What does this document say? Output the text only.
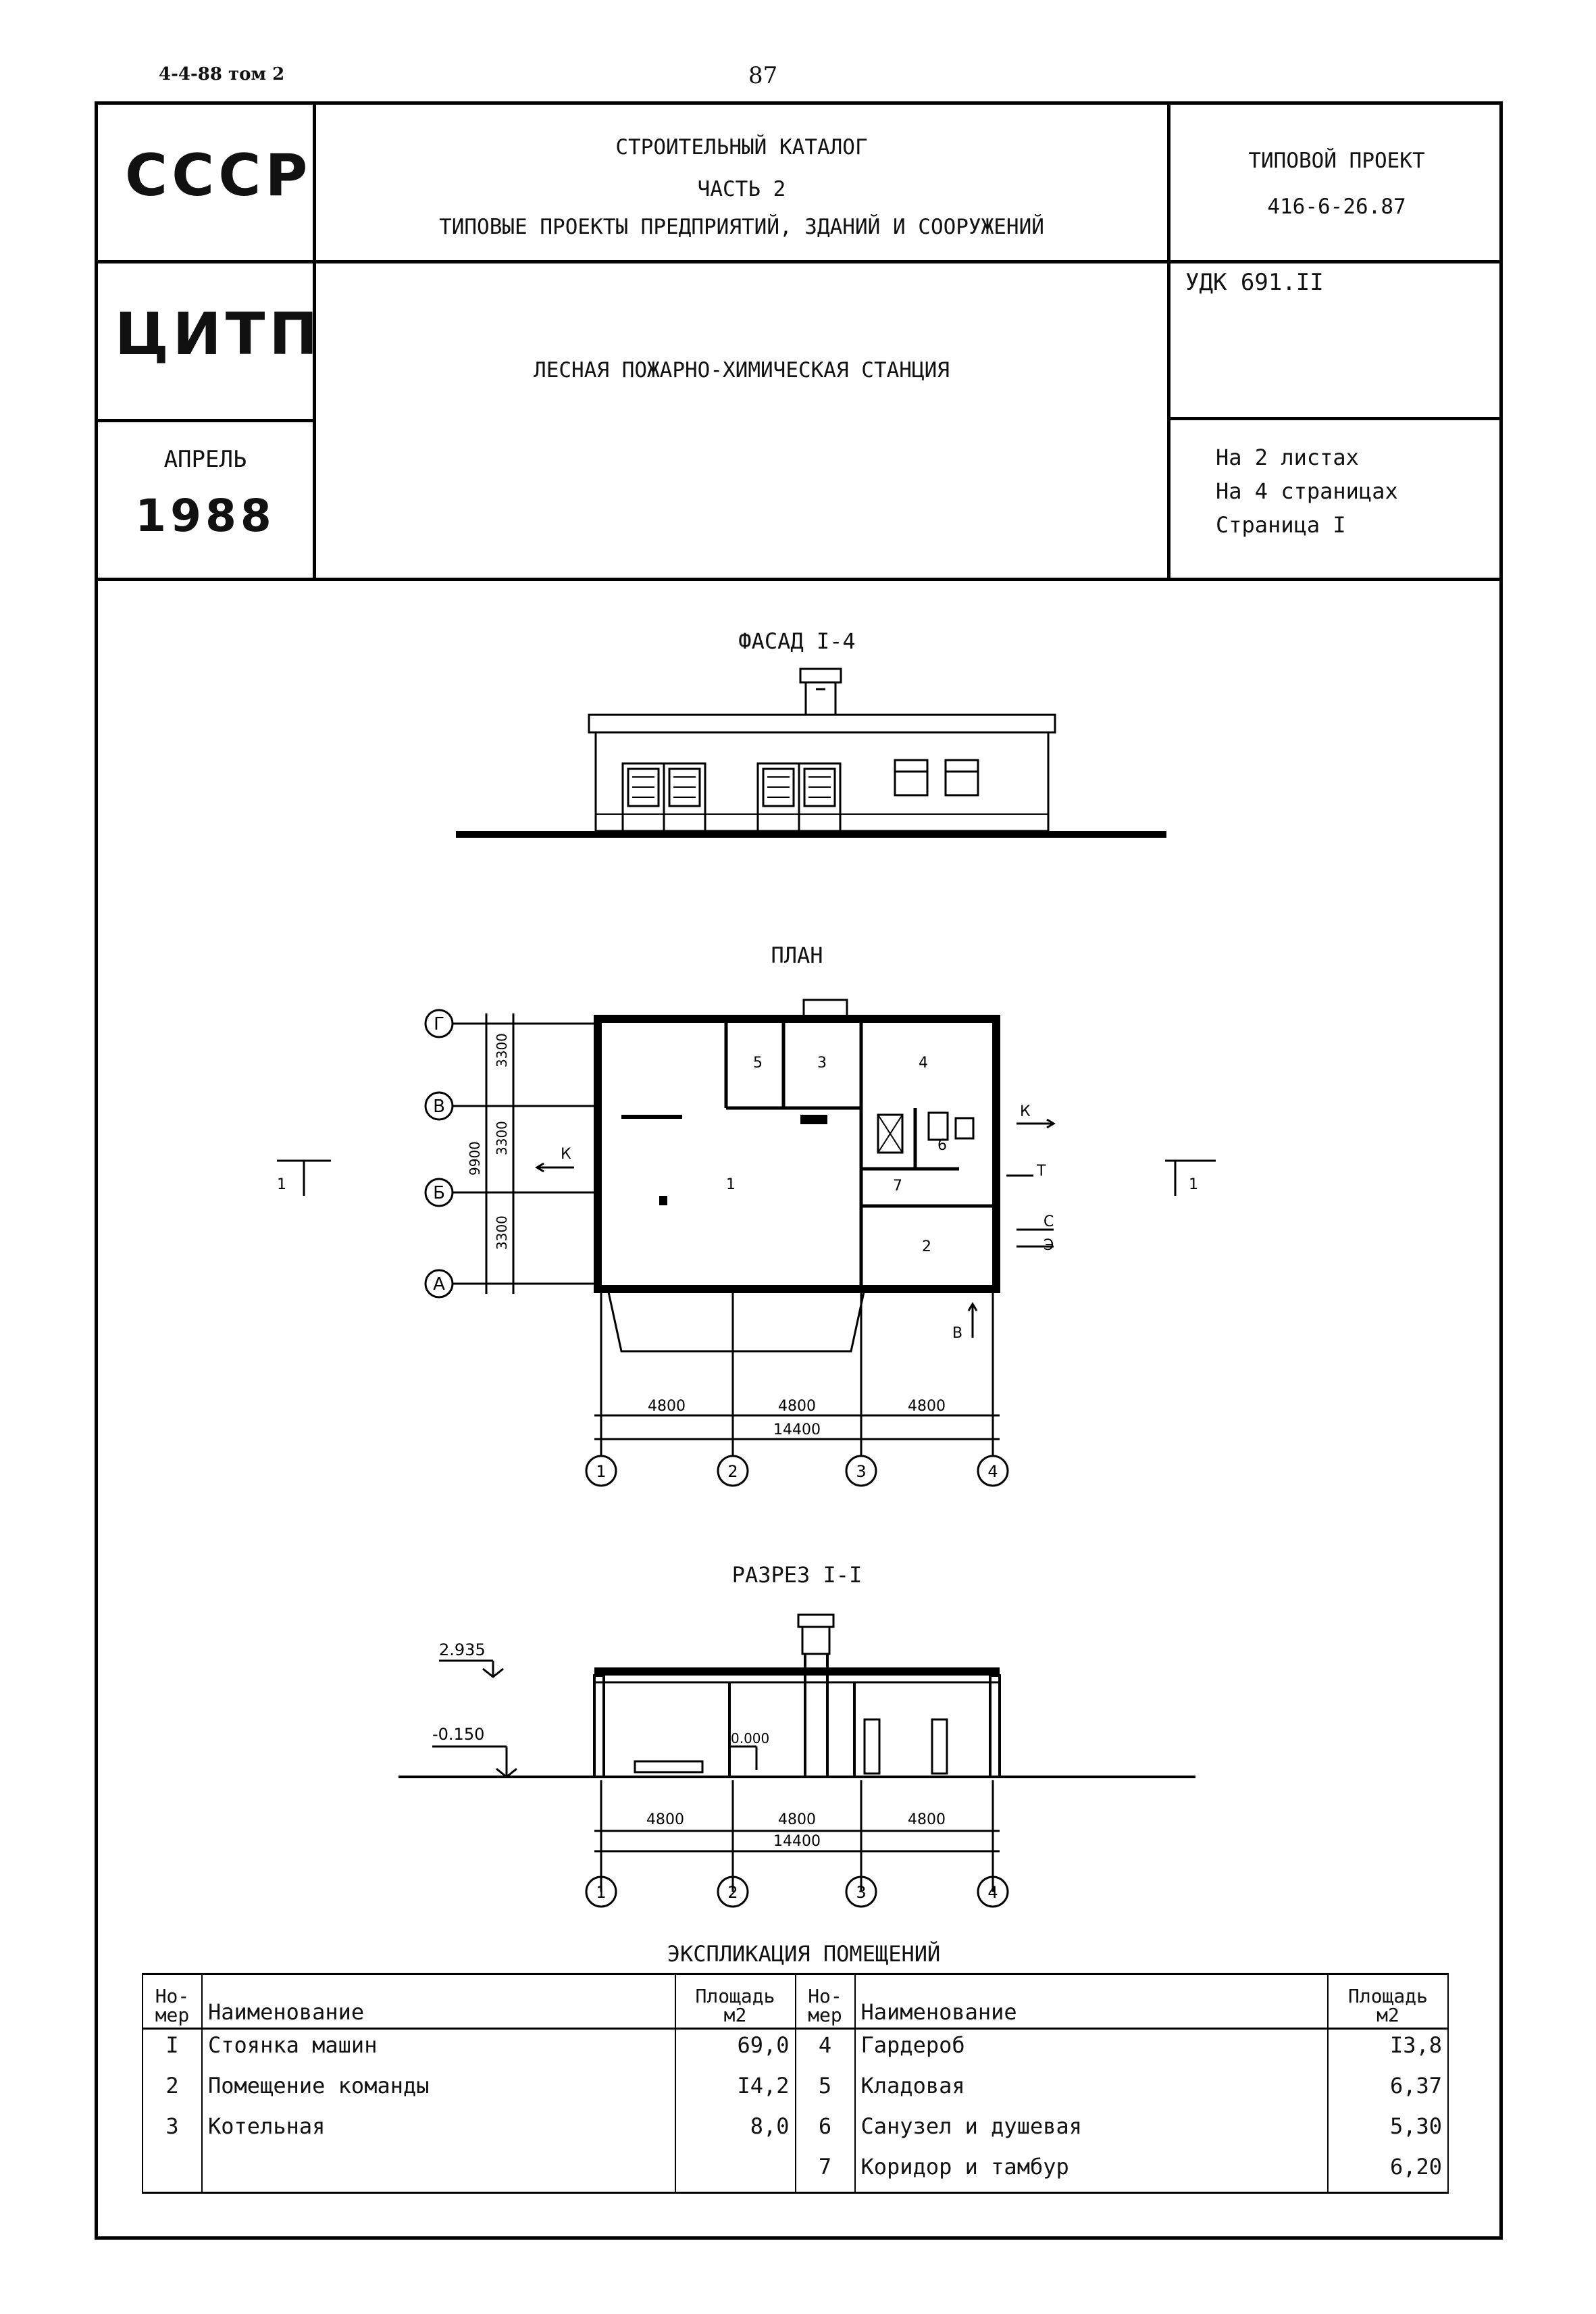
4-4-88 том 2	87
СССР
ЦИТП
АПРЕЛЬ
1988
СТРОИТЕЛЬНЫЙ КАТАЛОГ
ЧАСТЬ 2
ТИПОВЫЕ ПРОЕКТЫ ПРЕДПРИЯТИЙ, ЗДАНИЙ И СООРУЖЕНИЙ
ТИПОВОЙ ПРОЕКТ
416-6-26.87
УДК 691.II
ЛЕСНАЯ ПОЖАРНО-ХИМИЧЕСКАЯ СТАНЦИЯ
На 2 листах
На 4 страницах
Страница I
ФАСАД I-4
ПЛАН
РАЗРЕЗ I-I
Г
В
Б
А
3300
3300
3300
9900
1
2
3	4
5
6
7
К
К
Т
С
Э
В
1	1
4800	4800	4800
14400
1	2	3	4
2.935
-0.150	0.000
4800	4800	4800
14400
1	2	3	4
ЭКСПЛИКАЦИЯ ПОМЕЩЕНИЙ
Но-
мер	Наименование	Площадь
м2	Но-
мер	Наименование	Площадь
м2
I	Стоянка машин	69,0	4	Гардероб	I3,8
2	Помещение команды	I4,2	5	Кладовая	6,37
3	Котельная	8,0	6	Санузел и душевая	5,30
			7	Коридор и тамбур	6,20
